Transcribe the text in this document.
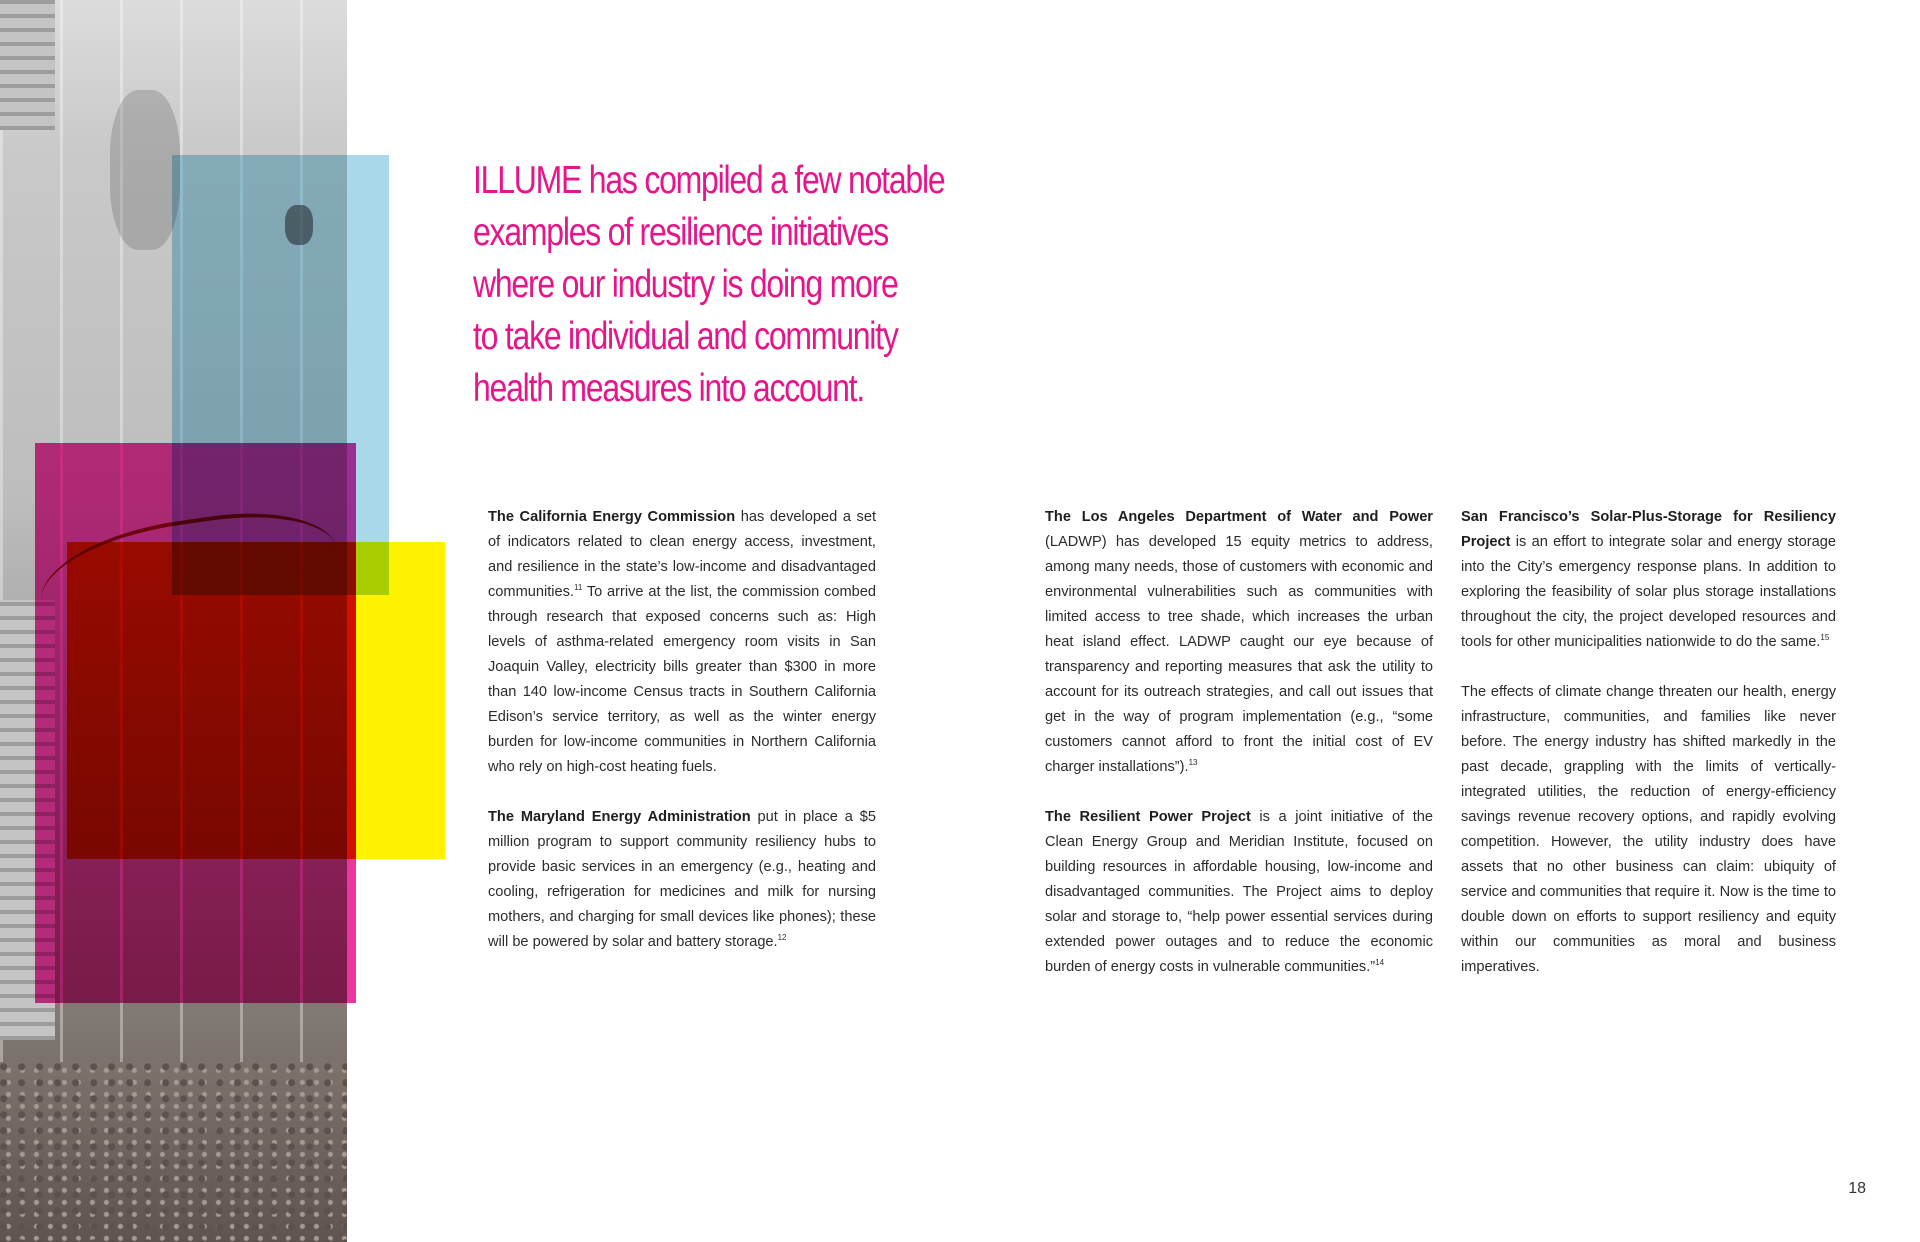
ILLUME has compiled a few notable
examples of resilience initiatives
where our industry is doing more
to take individual and community
health measures into account.

The California Energy Commission has developed a set of indicators related to clean energy access, investment, and resilience in the state’s low-income and disadvantaged communities.$^{11}$ To arrive at the list, the commission combed through research that exposed concerns such as: High levels of asthma-related emergency room visits in San Joaquin Valley, electricity bills greater than $300 in more than 140 low-income Census tracts in Southern California Edison’s service territory, as well as the winter energy burden for low-income communities in Northern California who rely on high-cost heating fuels.

The Maryland Energy Administration put in place a $5 million program to support community resiliency hubs to provide basic services in an emergency (e.g., heating and cooling, refrigeration for medicines and milk for nursing mothers, and charging for small devices like phones); these will be powered by solar and battery storage.$^{12}$

The Los Angeles Department of Water and Power (LADWP) has developed 15 equity metrics to address, among many needs, those of customers with economic and environmental vulnerabilities such as communities with limited access to tree shade, which increases the urban heat island effect. LADWP caught our eye because of transparency and reporting measures that ask the utility to account for its outreach strategies, and call out issues that get in the way of program implementation (e.g., “some customers cannot afford to front the initial cost of EV charger installations”).$^{13}$

The Resilient Power Project is a joint initiative of the Clean Energy Group and Meridian Institute, focused on building resources in affordable housing, low-income and disadvantaged communities. The Project aims to deploy solar and storage to, “help power essential services during extended power outages and to reduce the economic burden of energy costs in vulnerable communities.”$^{14}$

San Francisco’s Solar-Plus-Storage for Resiliency Project is an effort to integrate solar and energy storage into the City’s emergency response plans. In addition to exploring the feasibility of solar plus storage installations throughout the city, the project developed resources and tools for other municipalities nationwide to do the same.$^{15}$

The effects of climate change threaten our health, energy infrastructure, communities, and families like never before. The energy industry has shifted markedly in the past decade, grappling with the limits of vertically-integrated utilities, the reduction of energy-efficiency savings revenue recovery options, and rapidly evolving competition. However, the utility industry does have assets that no other business can claim: ubiquity of service and communities that require it. Now is the time to double down on efforts to support resiliency and equity within our communities as moral and business imperatives.

18
